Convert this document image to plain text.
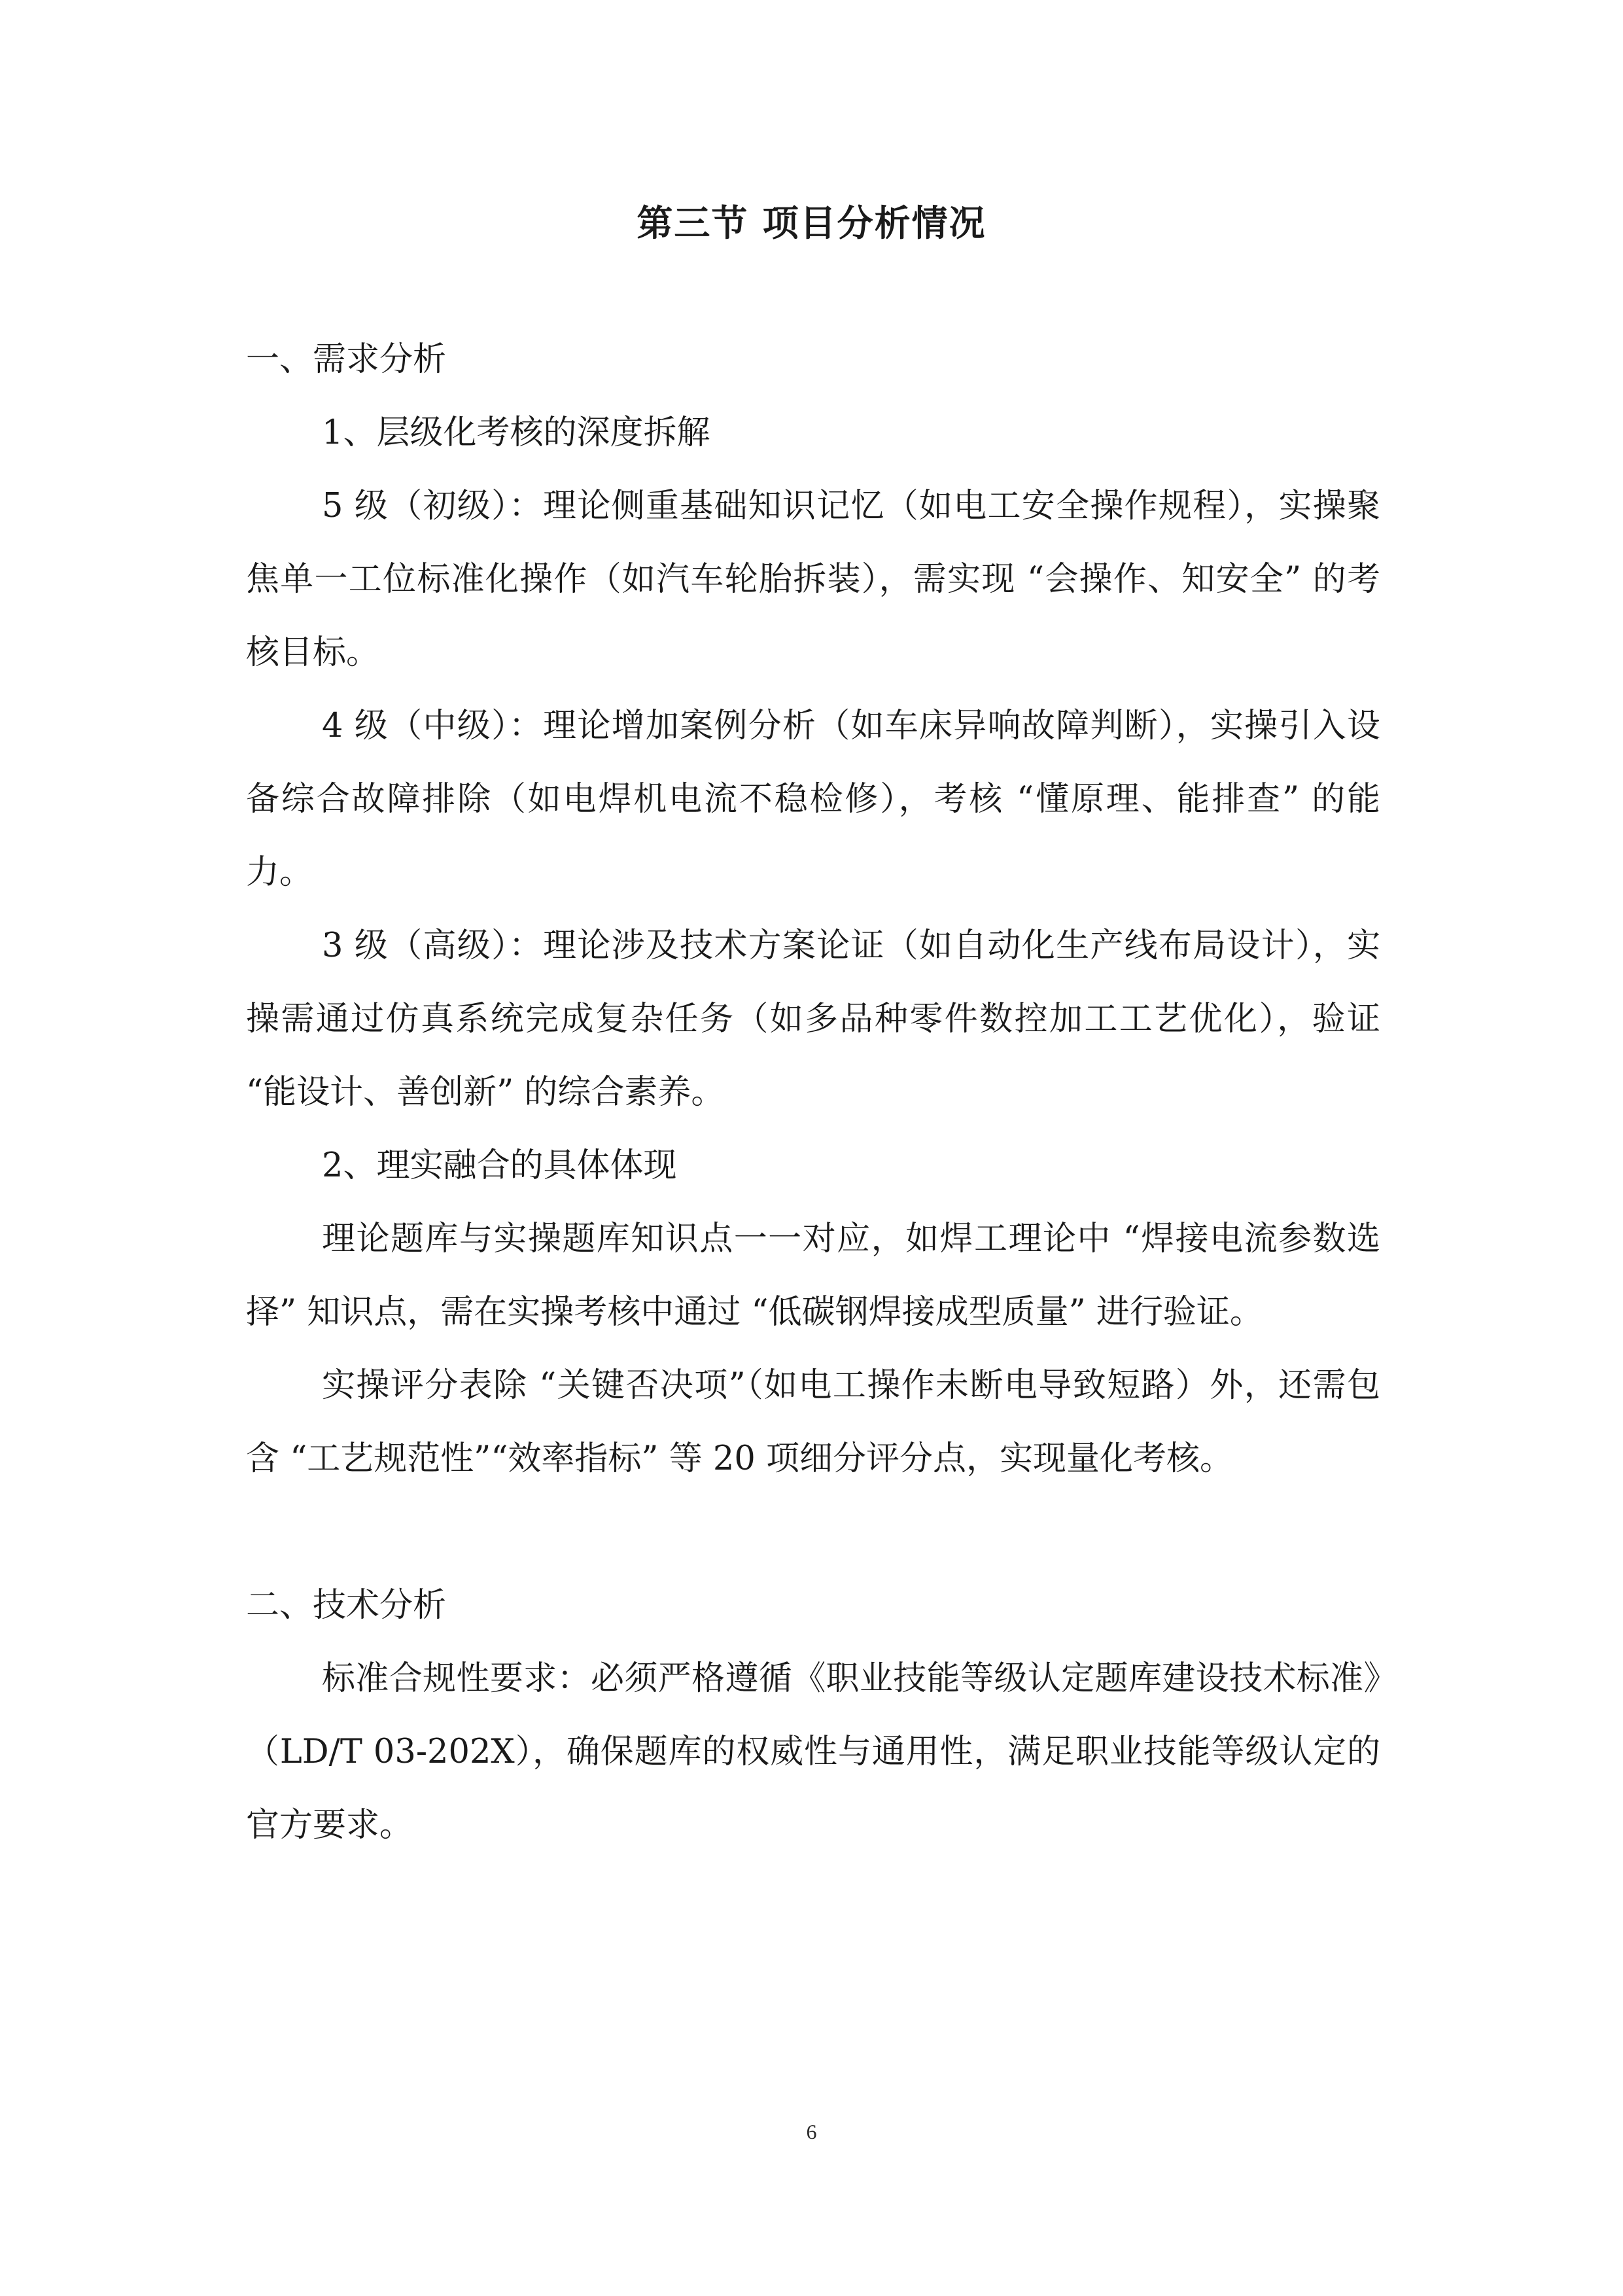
第三节 项目分析情况

一、需求分析

1、层级化考核的深度拆解

5 级（初级）：理论侧重基础知识记忆（如电工安全操作规程），实操聚焦单一工位标准化操作（如汽车轮胎拆装），需实现 “会操作、知安全” 的考核目标。

4 级（中级）：理论增加案例分析（如车床异响故障判断），实操引入设备综合故障排除（如电焊机电流不稳检修），考核 “懂原理、能排查” 的能力。

3 级（高级）：理论涉及技术方案论证（如自动化生产线布局设计），实操需通过仿真系统完成复杂任务（如多品种零件数控加工工艺优化），验证 “能设计、善创新” 的综合素养。

2、理实融合的具体体现

理论题库与实操题库知识点一一对应，如焊工理论中 “焊接电流参数选择” 知识点，需在实操考核中通过 “低碳钢焊接成型质量” 进行验证。

实操评分表除 “关键否决项”（如电工操作未断电导致短路）外，还需包含 “工艺规范性”“效率指标” 等 20 项细分评分点，实现量化考核。

二、技术分析

标准合规性要求：必须严格遵循《职业技能等级认定题库建设技术标准》（LD/T 03-202X），确保题库的权威性与通用性，满足职业技能等级认定的官方要求。

6
